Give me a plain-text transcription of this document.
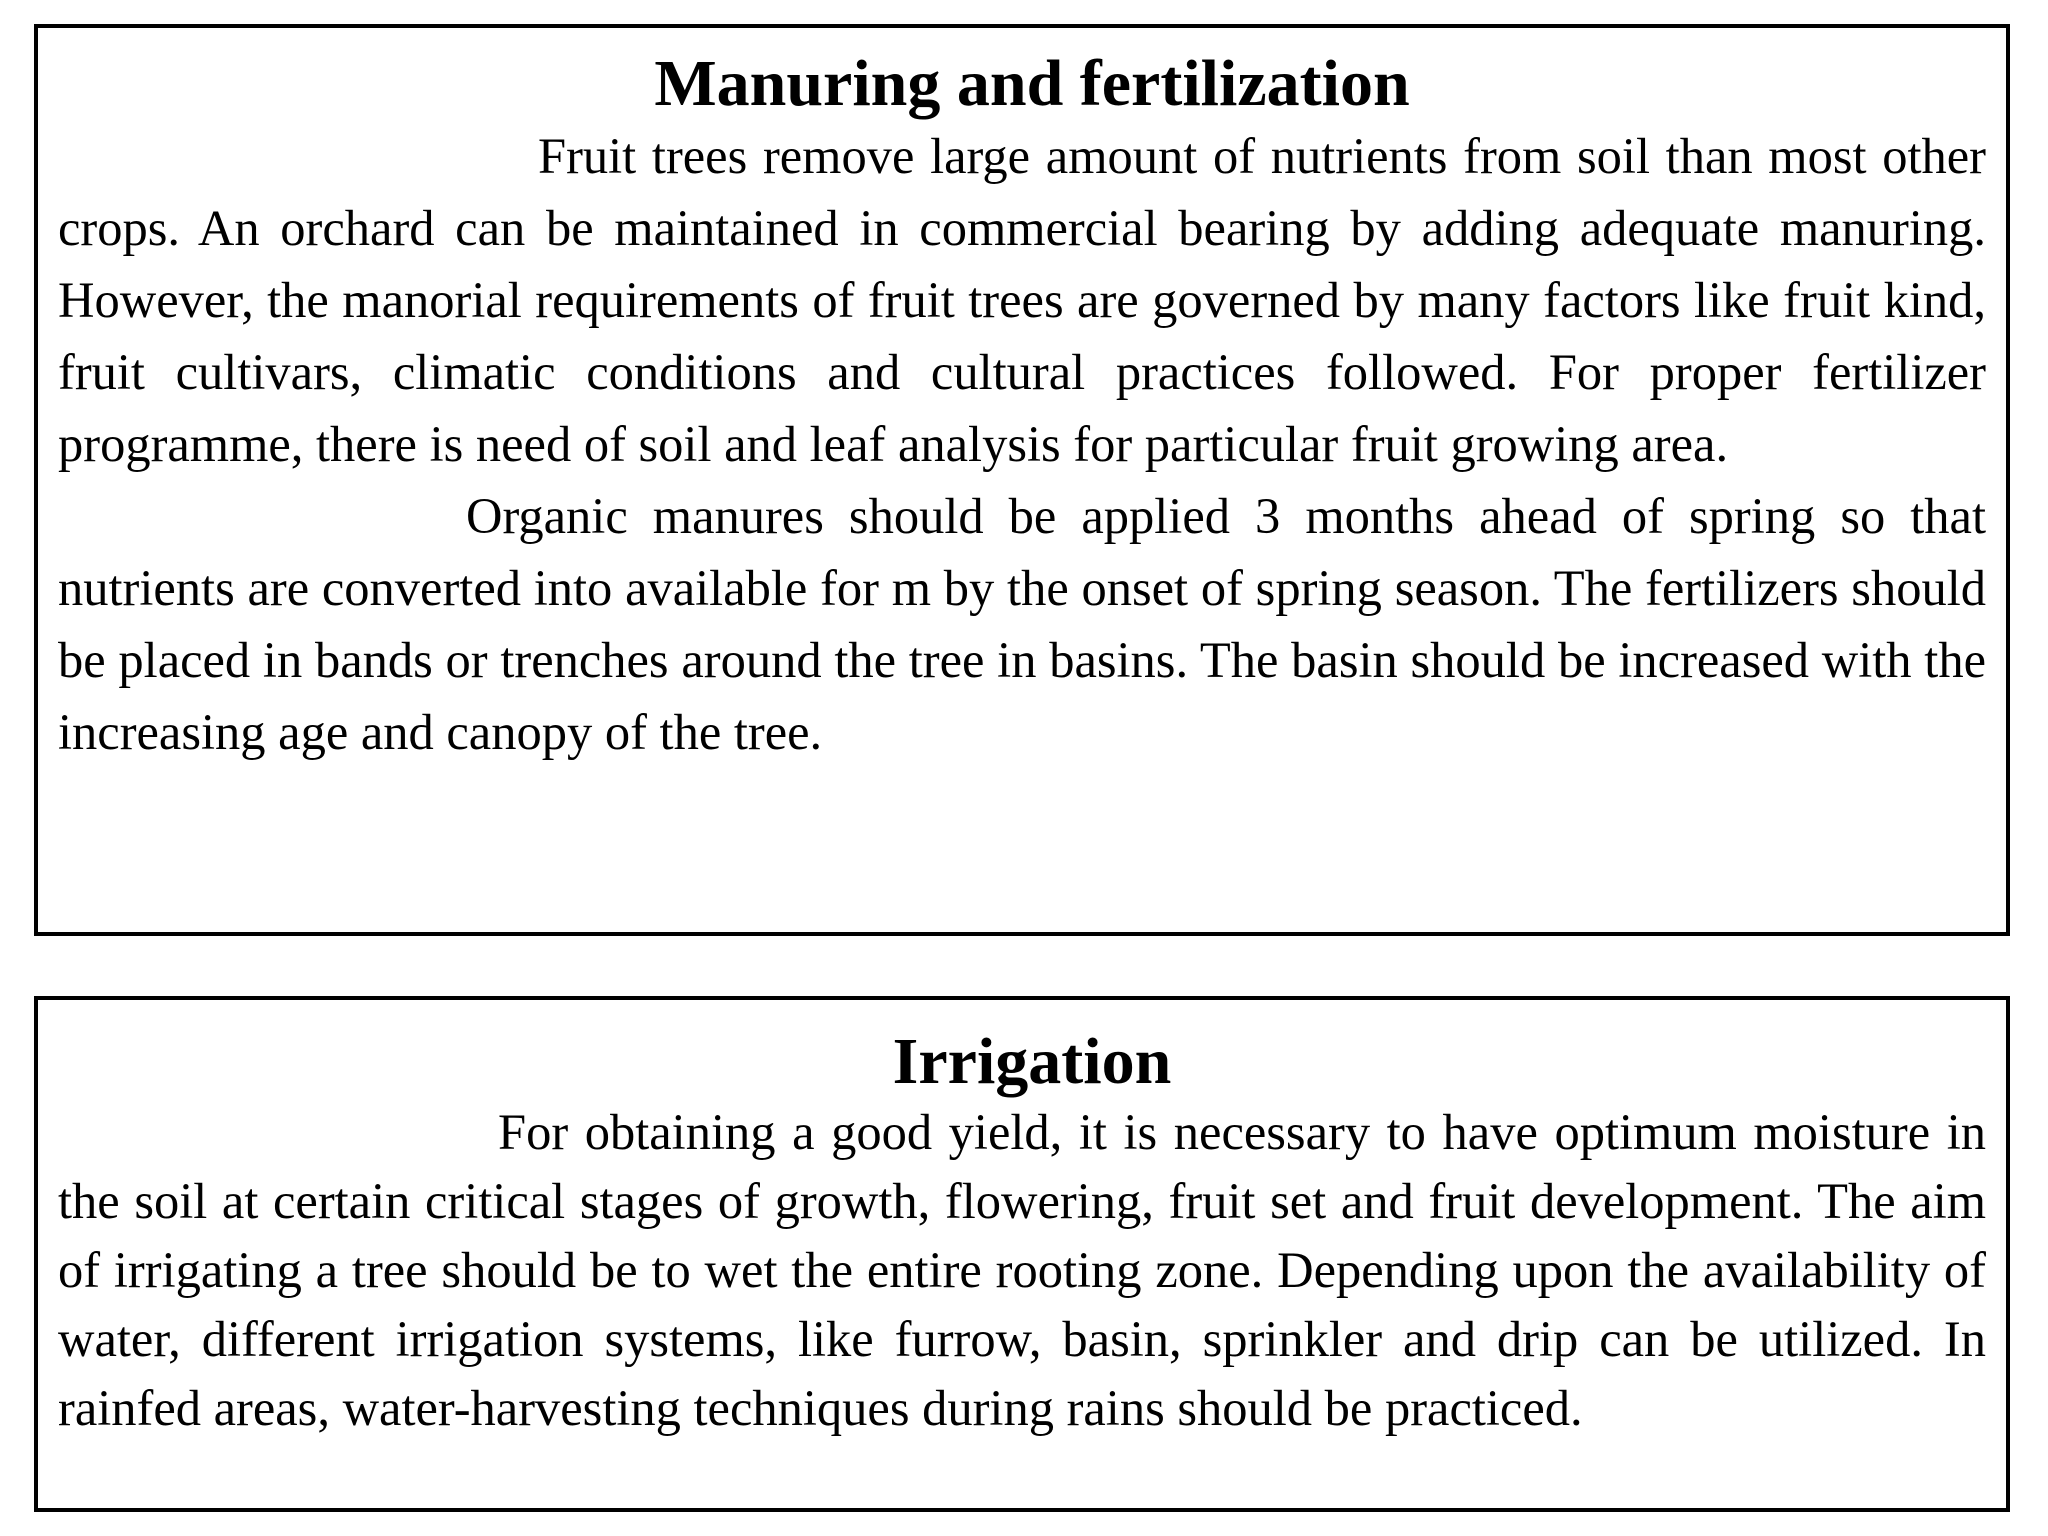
Manuring and fertilization

Fruit trees remove large amount of nutrients from soil than most other crops. An orchard can be maintained in commercial bearing by adding adequate manuring. However, the manorial requirements of fruit trees are governed by many factors like fruit kind, fruit cultivars, climatic conditions and cultural practices followed. For proper fertilizer programme, there is need of soil and leaf analysis for particular fruit growing area.

Organic manures should be applied 3 months ahead of spring so that nutrients are converted into available for m by the onset of spring season. The fertilizers should be placed in bands or trenches around the tree in basins. The basin should be increased with the increasing age and canopy of the tree.

Irrigation

For obtaining a good yield, it is necessary to have optimum moisture in the soil at certain critical stages of growth, flowering, fruit set and fruit development. The aim of irrigating a tree should be to wet the entire rooting zone. Depending upon the availability of water, different irrigation systems, like furrow, basin, sprinkler and drip can be utilized. In rainfed areas, water-harvesting techniques during rains should be practiced.
